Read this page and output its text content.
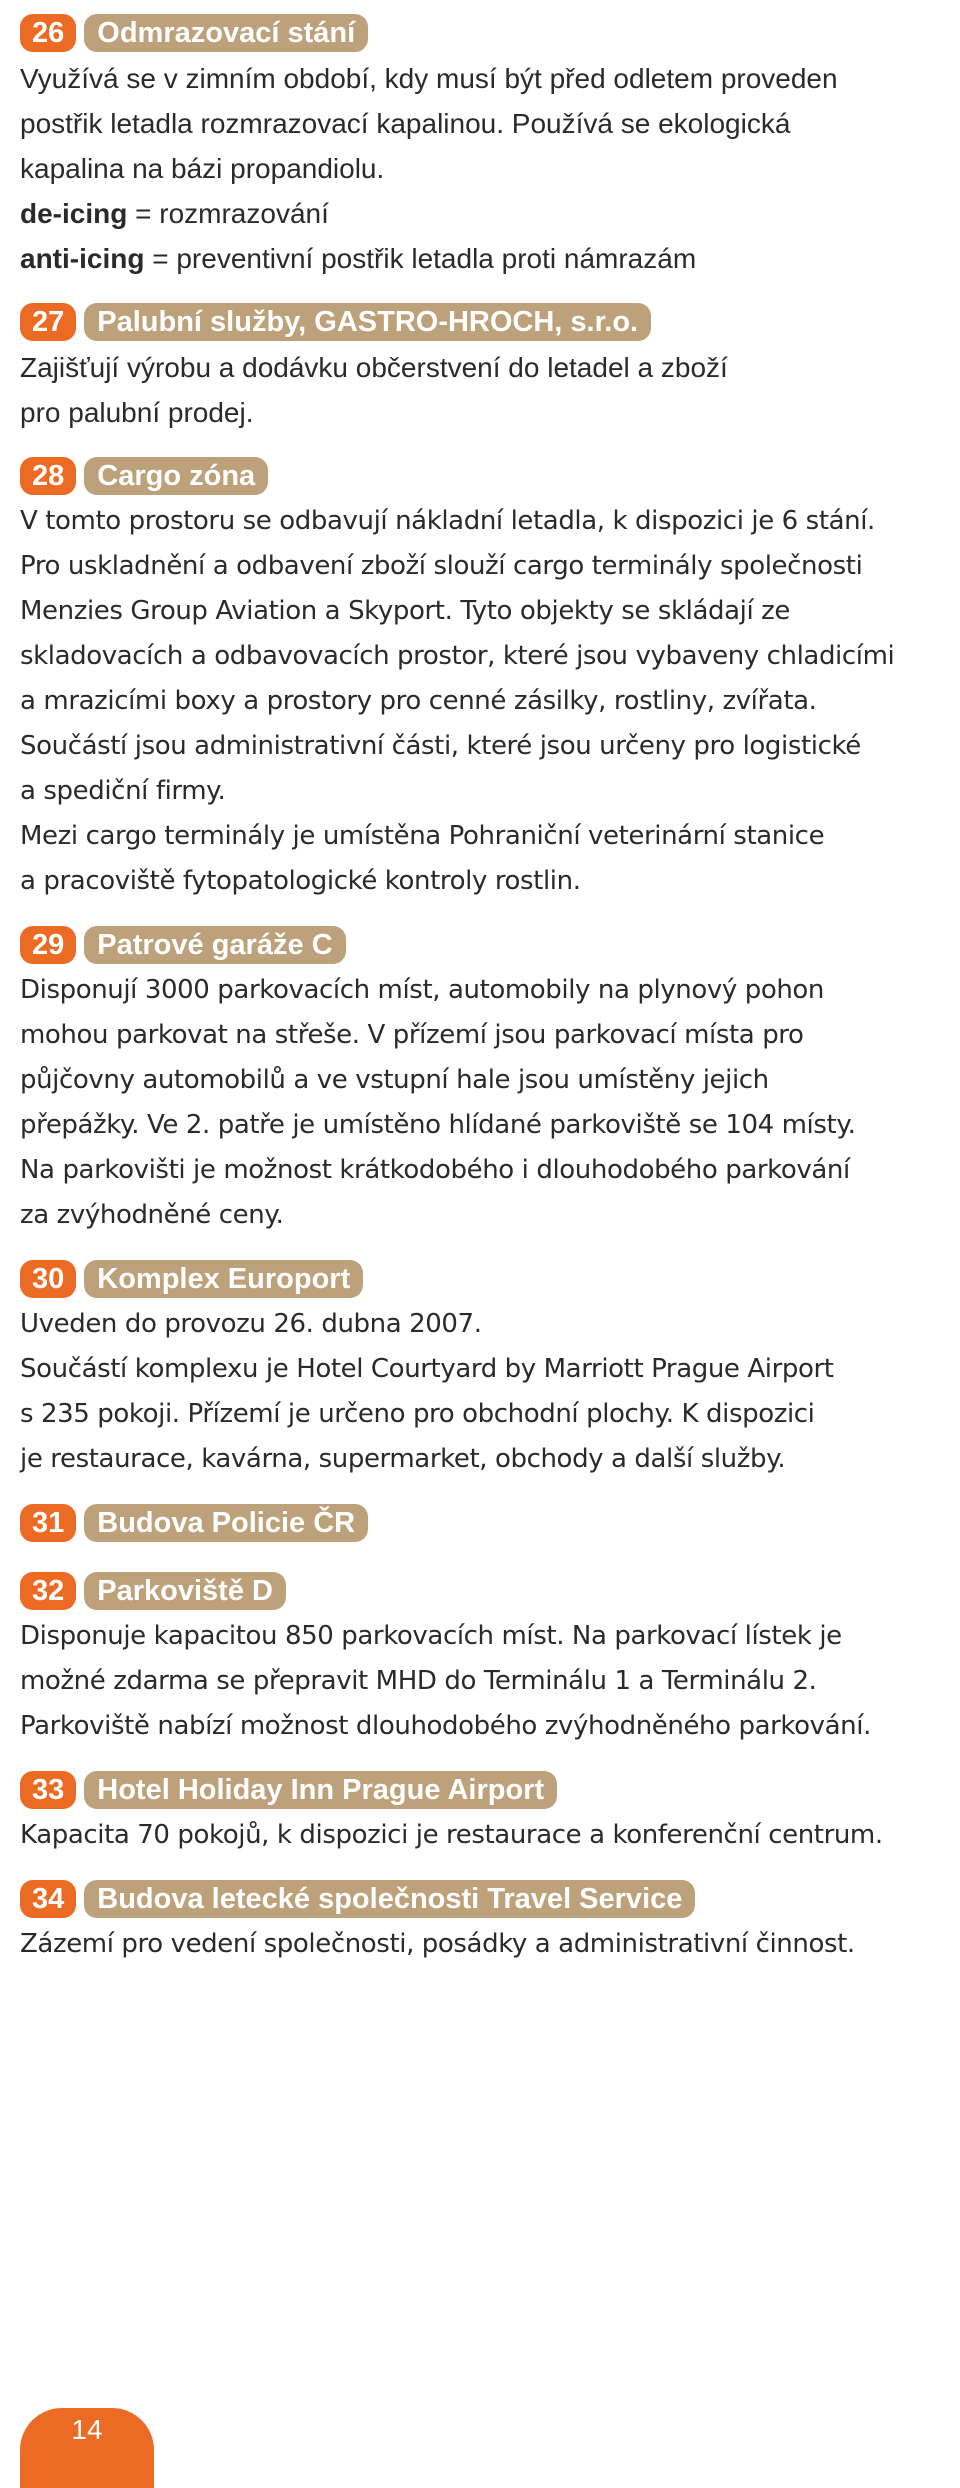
26	Odmrazovací stání

Využívá se v zimním období, kdy musí být před odletem proveden

postřik letadla rozmrazovací kapalinou. Používá se ekologická

kapalina na bázi propandiolu.

de-icing = rozmrazování

anti-icing = preventivní postřik letadla proti námrazám

27	Palubní služby, GASTRO-HROCH, s.r.o.

Zajišťují výrobu a dodávku občerstvení do letadel a zboží

pro palubní prodej.

28	Cargo zóna

V tomto prostoru se odbavují nákladní letadla, k dispozici je 6 stání.

Pro uskladnění a odbavení zboží slouží cargo terminály společnosti

Menzies Group Aviation a Skyport. Tyto objekty se skládají ze

skladovacích a odbavovacích prostor, které jsou vybaveny chladicími

a mrazicími boxy a prostory pro cenné zásilky, rostliny, zvířata.

Součástí jsou administrativní části, které jsou určeny pro logistické

a spediční firmy.

Mezi cargo terminály je umístěna Pohraniční veterinární stanice

a pracoviště fytopatologické kontroly rostlin.

29	Patrové garáže C

Disponují 3000 parkovacích míst, automobily na plynový pohon

mohou parkovat na střeše. V přízemí jsou parkovací místa pro

půjčovny automobilů a ve vstupní hale jsou umístěny jejich

přepážky. Ve 2. patře je umístěno hlídané parkoviště se 104 místy.

Na parkovišti je možnost krátkodobého i dlouhodobého parkování

za zvýhodněné ceny.

30	Komplex Europort

Uveden do provozu 26. dubna 2007.

Součástí komplexu je Hotel Courtyard by Marriott Prague Airport

s 235 pokoji. Přízemí je určeno pro obchodní plochy. K dispozici

je restaurace, kavárna, supermarket, obchody a další služby.

31	Budova Policie ČR
32	Parkoviště D

Disponuje kapacitou 850 parkovacích míst. Na parkovací lístek je

možné zdarma se přepravit MHD do Terminálu 1 a Terminálu 2.

Parkoviště nabízí možnost dlouhodobého zvýhodněného parkování.

33	Hotel Holiday Inn Prague Airport

Kapacita 70 pokojů, k dispozici je restaurace a konferenční centrum.

34	Budova letecké společnosti Travel Service

Zázemí pro vedení společnosti, posádky a administrativní činnost.

14
